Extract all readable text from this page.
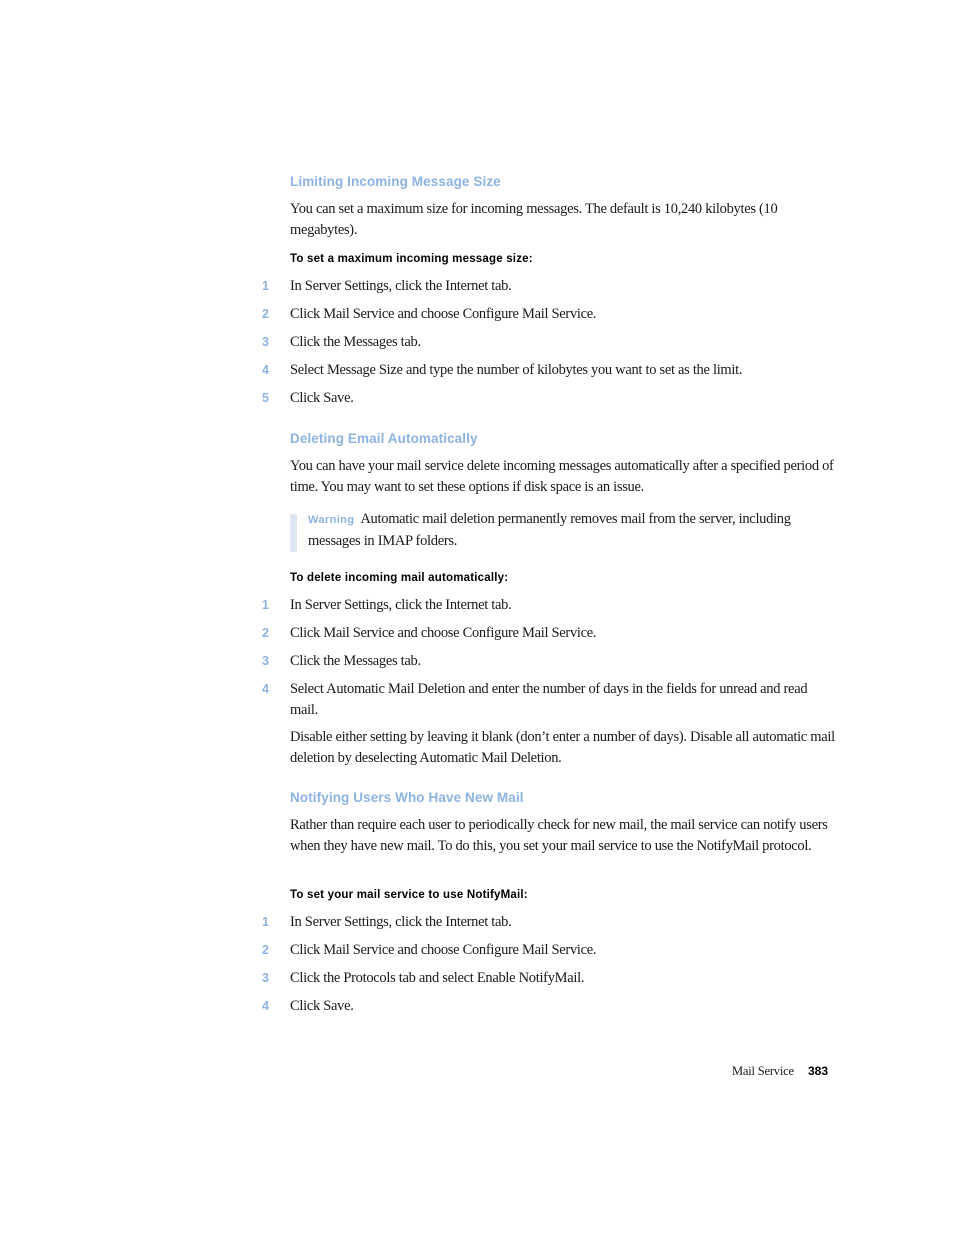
Limiting Incoming Message Size
You can set a maximum size for incoming messages. The default is 10,240 kilobytes (10 megabytes).
To set a maximum incoming message size:
1	In Server Settings, click the Internet tab.
2	Click Mail Service and choose Configure Mail Service.
3	Click the Messages tab.
4	Select Message Size and type the number of kilobytes you want to set as the limit.
5	Click Save.
Deleting Email Automatically
You can have your mail service delete incoming messages automatically after a specified period of time. You may want to set these options if disk space is an issue.
Warning Automatic mail deletion permanently removes mail from the server, including messages in IMAP folders.
To delete incoming mail automatically:
1	In Server Settings, click the Internet tab.
2	Click Mail Service and choose Configure Mail Service.
3	Click the Messages tab.
4	Select Automatic Mail Deletion and enter the number of days in the fields for unread and read mail.
Disable either setting by leaving it blank (don’t enter a number of days). Disable all automatic mail deletion by deselecting Automatic Mail Deletion.
Notifying Users Who Have New Mail
Rather than require each user to periodically check for new mail, the mail service can notify users when they have new mail. To do this, you set your mail service to use the NotifyMail protocol.
To set your mail service to use NotifyMail:
1	In Server Settings, click the Internet tab.
2	Click Mail Service and choose Configure Mail Service.
3	Click the Protocols tab and select Enable NotifyMail.
4	Click Save.
Mail Service 383
